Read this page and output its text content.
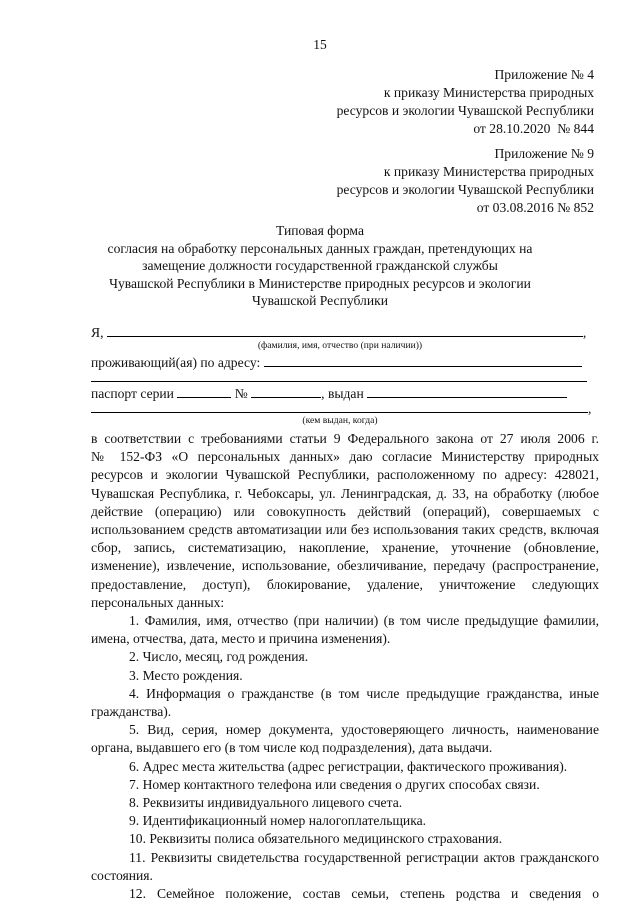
15
Приложение № 4
к приказу Министерства природных
ресурсов и экологии Чувашской Республики
от 28.10.2020  № 844
Приложение № 9
к приказу Министерства природных
ресурсов и экологии Чувашской Республики
от 03.08.2016 № 852
Типовая форма
согласия на обработку персональных данных граждан, претендующих на
замещение должности государственной гражданской службы
Чувашской Республики в Министерстве природных ресурсов и экологии
Чувашской Республики
Я,	,
(фамилия, имя, отчество (при наличии))
проживающий(ая) по адресу:
паспорт серии	№	, выдан
,
(кем выдан, когда)

в соответствии с требованиями статьи 9 Федерального закона от 27 июля 2006 г.

№ 152-ФЗ «О персональных данных» даю согласие Министерству природных ресурсов и экологии Чувашской Республики, расположенному по адресу: 428021, Чувашская Республика, г. Чебоксары, ул. Ленинградская, д. 33, на обработку (любое действие (операцию) или совокупность действий (операций), совершаемых с использованием средств автоматизации или без использования таких средств, включая сбор, запись, систематизацию, накопление, хранение, уточнение (обновление, изменение), извлечение, использование, обезличивание, передачу (распространение, предоставление, доступ), блокирование, удаление, уничтожение следующих персональных данных:

1. Фамилия, имя, отчество (при наличии) (в том числе предыдущие фамилии, имена, отчества, дата, место и причина изменения).

2. Число, месяц, год рождения.

3. Место рождения.

4. Информация о гражданстве (в том числе предыдущие гражданства, иные гражданства).

5. Вид, серия, номер документа, удостоверяющего личность, наименование органа, выдавшего его (в том числе код подразделения), дата выдачи.

6. Адрес места жительства (адрес регистрации, фактического проживания).

7. Номер контактного телефона или сведения о других способах связи.

8. Реквизиты индивидуального лицевого счета.

9. Идентификационный номер налогоплательщика.

10. Реквизиты полиса обязательного медицинского страхования.

11. Реквизиты свидетельства государственной регистрации актов гражданского состояния.

12. Семейное положение, состав семьи, степень родства и сведения о
